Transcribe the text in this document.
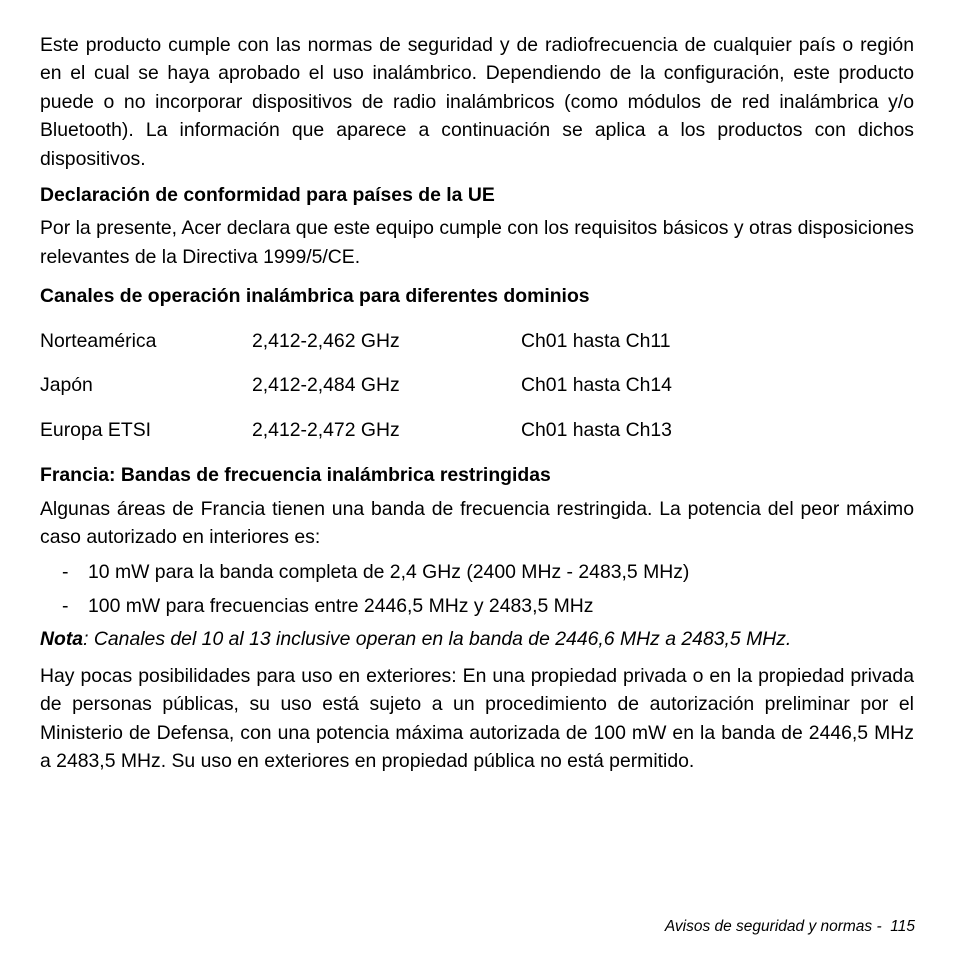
Este producto cumple con las normas de seguridad y de radiofrecuencia de cualquier país o región en el cual se haya aprobado el uso inalámbrico. Dependiendo de la configuración, este producto puede o no incorporar dispositivos de radio inalámbricos (como módulos de red inalámbrica y/o Bluetooth). La información que aparece a continuación se aplica a los productos con dichos dispositivos.

Declaración de conformidad para países de la UE

Por la presente, Acer declara que este equipo cumple con los requisitos básicos y otras disposiciones relevantes de la Directiva 1999/5/CE.

Canales de operación inalámbrica para diferentes dominios

Norteamérica	2,412-2,462 GHz	Ch01 hasta Ch11
Japón	2,412-2,484 GHz	Ch01 hasta Ch14
Europa ETSI	2,412-2,472 GHz	Ch01 hasta Ch13

Francia: Bandas de frecuencia inalámbrica restringidas

Algunas áreas de Francia tienen una banda de frecuencia restringida. La potencia del peor máximo caso autorizado en interiores es:

-	10 mW para la banda completa de 2,4 GHz (2400 MHz - 2483,5 MHz)
-	100 mW para frecuencias entre 2446,5 MHz y 2483,5 MHz

Nota: Canales del 10 al 13 inclusive operan en la banda de 2446,6 MHz a 2483,5 MHz.

Hay pocas posibilidades para uso en exteriores: En una propiedad privada o en la propiedad privada de personas públicas, su uso está sujeto a un procedimiento de autorización preliminar por el Ministerio de Defensa, con una potencia máxima autorizada de 100 mW en la banda de 2446,5 MHz a 2483,5 MHz. Su uso en exteriores en propiedad pública no está permitido.

Avisos de seguridad y normas - 115
